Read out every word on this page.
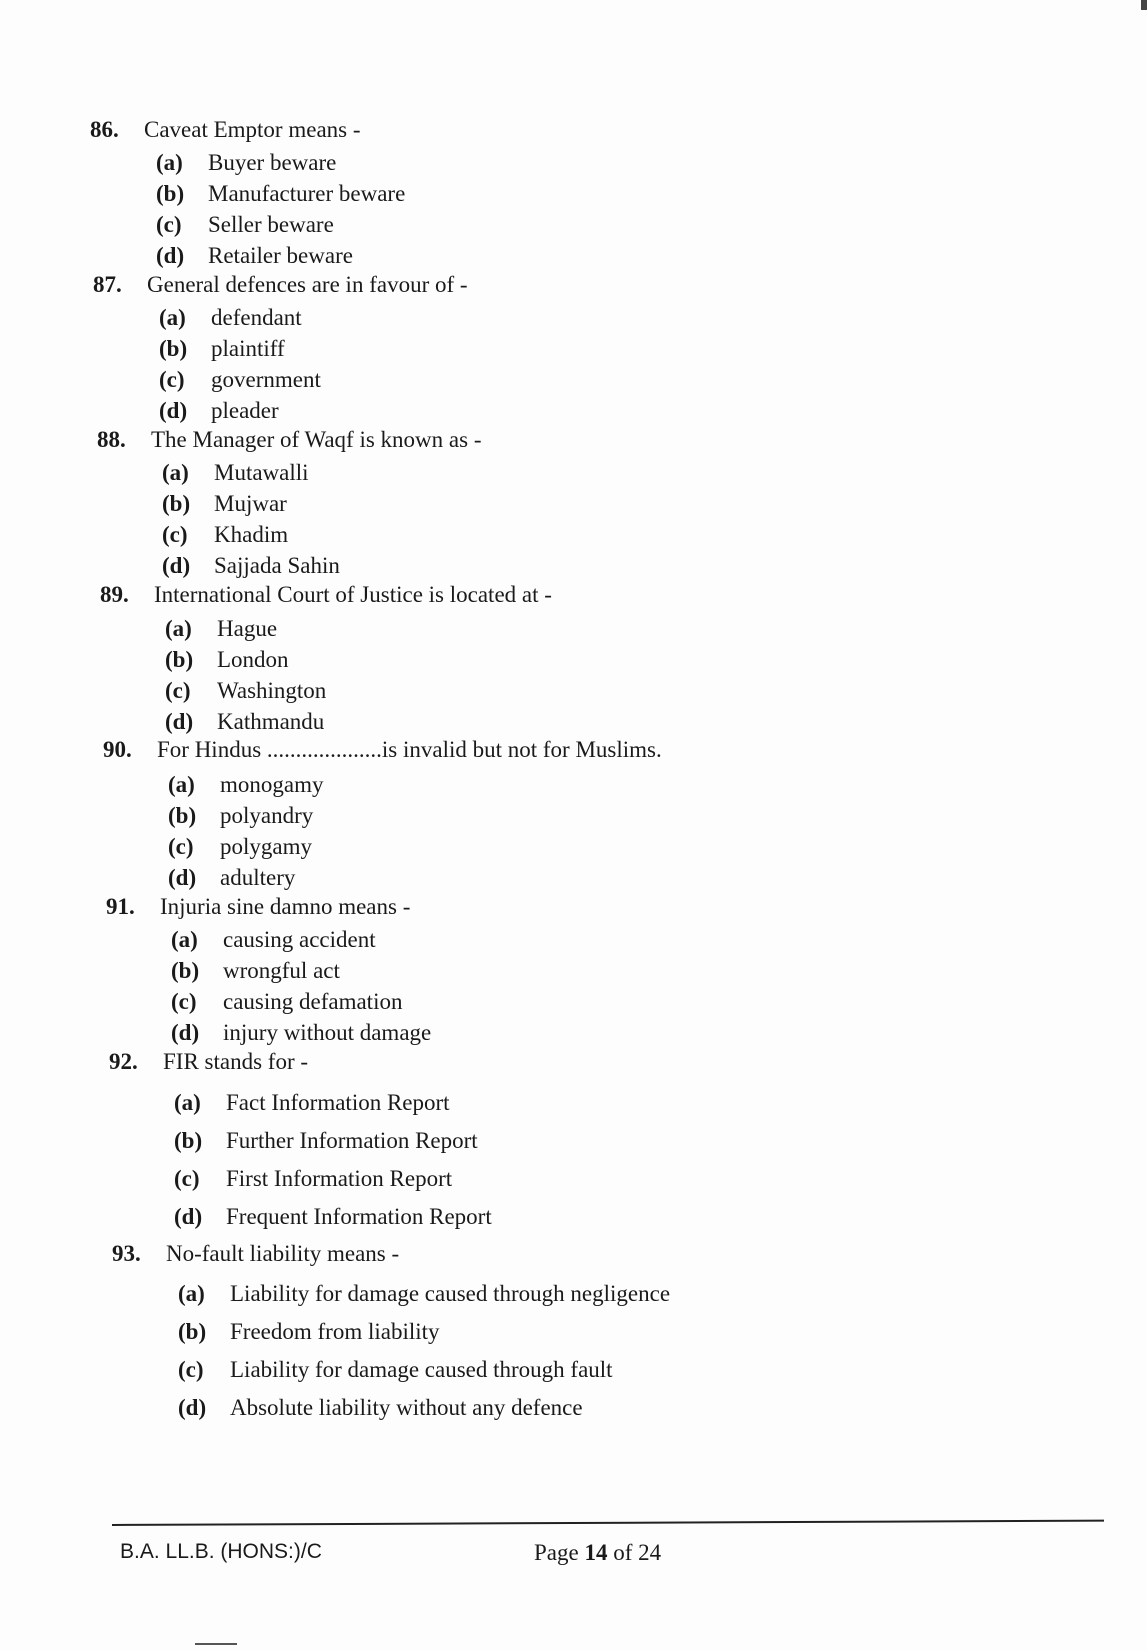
86.	Caveat Emptor means -
(a)	Buyer beware
(b)	Manufacturer beware
(c)	Seller beware
(d)	Retailer beware
87.	General defences are in favour of -
(a)	defendant
(b)	plaintiff
(c)	government
(d)	pleader
88.	The Manager of Waqf is known as -
(a)	Mutawalli
(b)	Mujwar
(c)	Khadim
(d)	Sajjada Sahin
89.	International Court of Justice is located at -
(a)	Hague
(b)	London
(c)	Washington
(d)	Kathmandu
90.	For Hindus ....................is invalid but not for Muslims.
(a)	monogamy
(b)	polyandry
(c)	polygamy
(d)	adultery
91.	Injuria sine damno means -
(a)	causing accident
(b)	wrongful act
(c)	causing defamation
(d)	injury without damage
92.	FIR stands for -
(a)	Fact Information Report
(b)	Further Information Report
(c)	First Information Report
(d)	Frequent Information Report
93.	No-fault liability means -
(a)	Liability for damage caused through negligence
(b)	Freedom from liability
(c)	Liability for damage caused through fault
(d)	Absolute liability without any defence
B.A. LL.B. (HONS:)/C	Page 14 of 24
